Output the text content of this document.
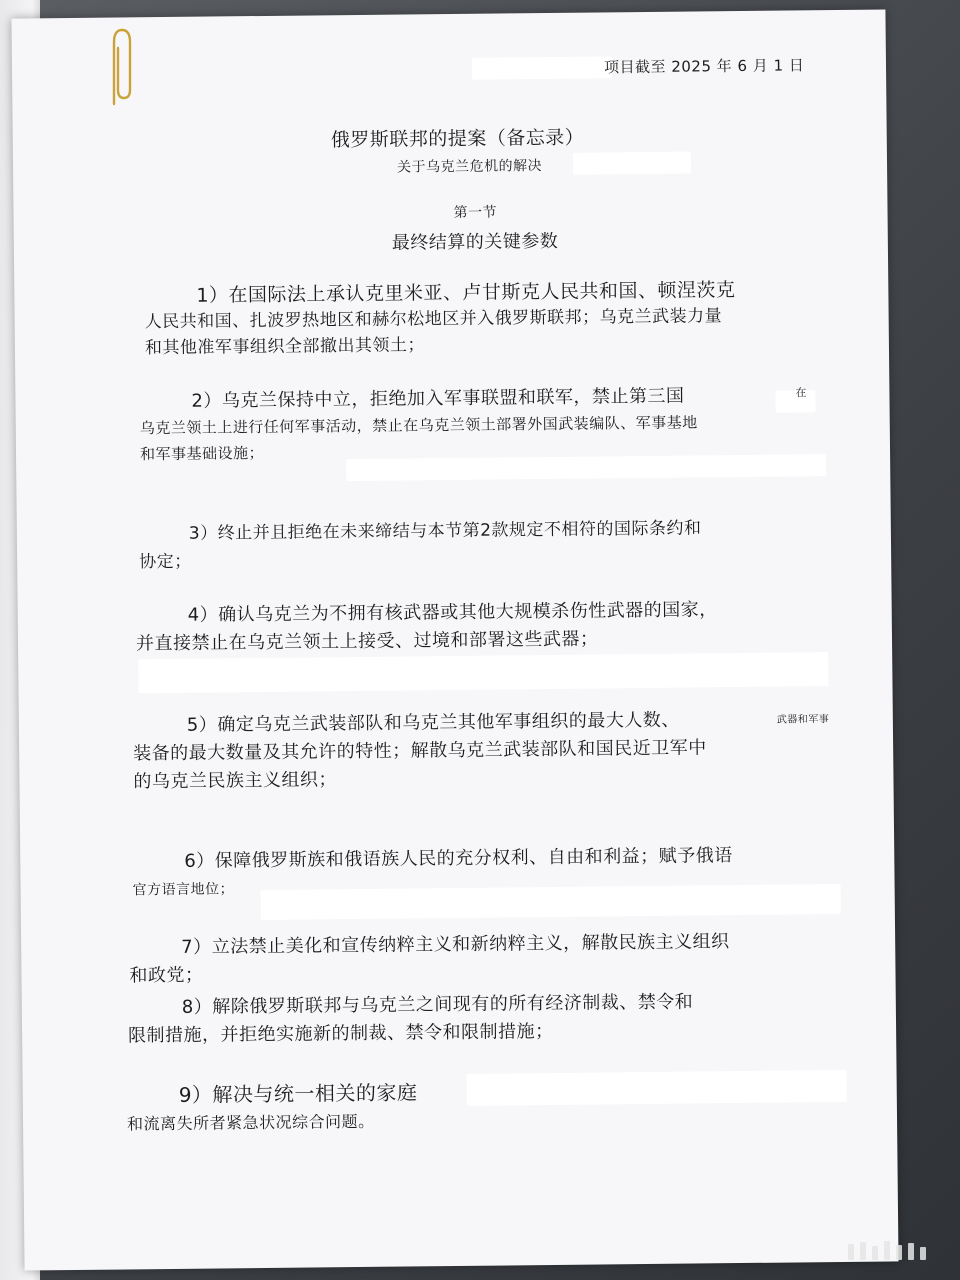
项目截至 2025 年 6 月 1 日
俄罗斯联邦的提案（备忘录）
关于乌克兰危机的解决
第一节
最终结算的关键参数
1）在国际法上承认克里米亚、卢甘斯克人民共和国、顿涅茨克
人民共和国、扎波罗热地区和赫尔松地区并入俄罗斯联邦；乌克兰武装力量
和其他准军事组织全部撤出其领土；
2）乌克兰保持中立，拒绝加入军事联盟和联军，禁止第三国	在
乌克兰领土上进行任何军事活动，禁止在乌克兰领土部署外国武装编队、军事基地
和军事基础设施；
3）终止并且拒绝在未来缔结与本节第2款规定不相符的国际条约和
协定；
4）确认乌克兰为不拥有核武器或其他大规模杀伤性武器的国家，
并直接禁止在乌克兰领土上接受、过境和部署这些武器；
5）确定乌克兰武装部队和乌克兰其他军事组织的最大人数、	武器和军事
装备的最大数量及其允许的特性；解散乌克兰武装部队和国民近卫军中
的乌克兰民族主义组织；
6）保障俄罗斯族和俄语族人民的充分权利、自由和利益；赋予俄语
官方语言地位；
7）立法禁止美化和宣传纳粹主义和新纳粹主义，解散民族主义组织
和政党；
8）解除俄罗斯联邦与乌克兰之间现有的所有经济制裁、禁令和
限制措施，并拒绝实施新的制裁、禁令和限制措施；
9）解决与统一相关的家庭
和流离失所者紧急状况综合问题。
